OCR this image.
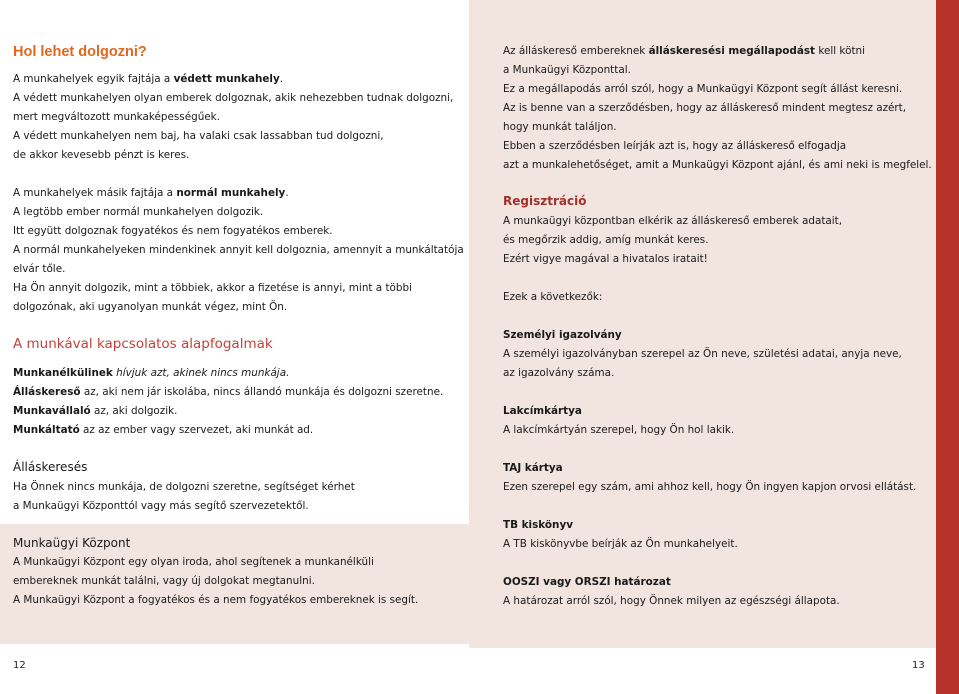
Hol lehet dolgozni?
A munkahelyek egyik fajtája a védett munkahely.
A védett munkahelyen olyan emberek dolgoznak, akik nehezebben tudnak dolgozni,
mert megváltozott munkaképességűek.
A védett munkahelyen nem baj, ha valaki csak lassabban tud dolgozni,
de akkor kevesebb pénzt is keres.
A munkahelyek másik fajtája a normál munkahely.
A legtöbb ember normál munkahelyen dolgozik.
Itt együtt dolgoznak fogyatékos és nem fogyatékos emberek.
A normál munkahelyeken mindenkinek annyit kell dolgoznia, amennyit a munkáltatója
elvár tőle.
Ha Ön annyit dolgozik, mint a többiek, akkor a fizetése is annyi, mint a többi
dolgozónak, aki ugyanolyan munkát végez, mint Ön.
A munkával kapcsolatos alapfogalmak
Munkanélkülinek hívjuk azt, akinek nincs munkája.
Álláskereső az, aki nem jár iskolába, nincs állandó munkája és dolgozni szeretne.
Munkavállaló az, aki dolgozik.
Munkáltató az az ember vagy szervezet, aki munkát ad.
Álláskeresés
Ha Önnek nincs munkája, de dolgozni szeretne, segítséget kérhet
a Munkaügyi Központtól vagy más segítő szervezetektől.
Munkaügyi Központ
A Munkaügyi Központ egy olyan iroda, ahol segítenek a munkanélküli
embereknek munkát találni, vagy új dolgokat megtanulni.
A Munkaügyi Központ a fogyatékos és a nem fogyatékos embereknek is segít.
12
Az álláskereső embereknek álláskeresési megállapodást kell kötni
a Munkaügyi Központtal.
Ez a megállapodás arról szól, hogy a Munkaügyi Központ segít állást keresni.
Az is benne van a szerződésben, hogy az álláskereső mindent megtesz azért,
hogy munkát találjon.
Ebben a szerződésben leírják azt is, hogy az álláskereső elfogadja
azt a munkalehetőséget, amit a Munkaügyi Központ ajánl, és ami neki is megfelel.
Regisztráció
A munkaügyi központban elkérik az álláskereső emberek adatait,
és megőrzik addig, amíg munkát keres.
Ezért vigye magával a hivatalos iratait!
Ezek a következők:
Személyi igazolvány
A személyi igazolványban szerepel az Ön neve, születési adatai, anyja neve,
az igazolvány száma.
Lakcímkártya
A lakcímkártyán szerepel, hogy Ön hol lakik.
TAJ kártya
Ezen szerepel egy szám, ami ahhoz kell, hogy Ön ingyen kapjon orvosi ellátást.
TB kiskönyv
A TB kiskönyvbe beírják az Ön munkahelyeit.
OOSZI vagy ORSZI határozat
A határozat arról szól, hogy Önnek milyen az egészségi állapota.
13
